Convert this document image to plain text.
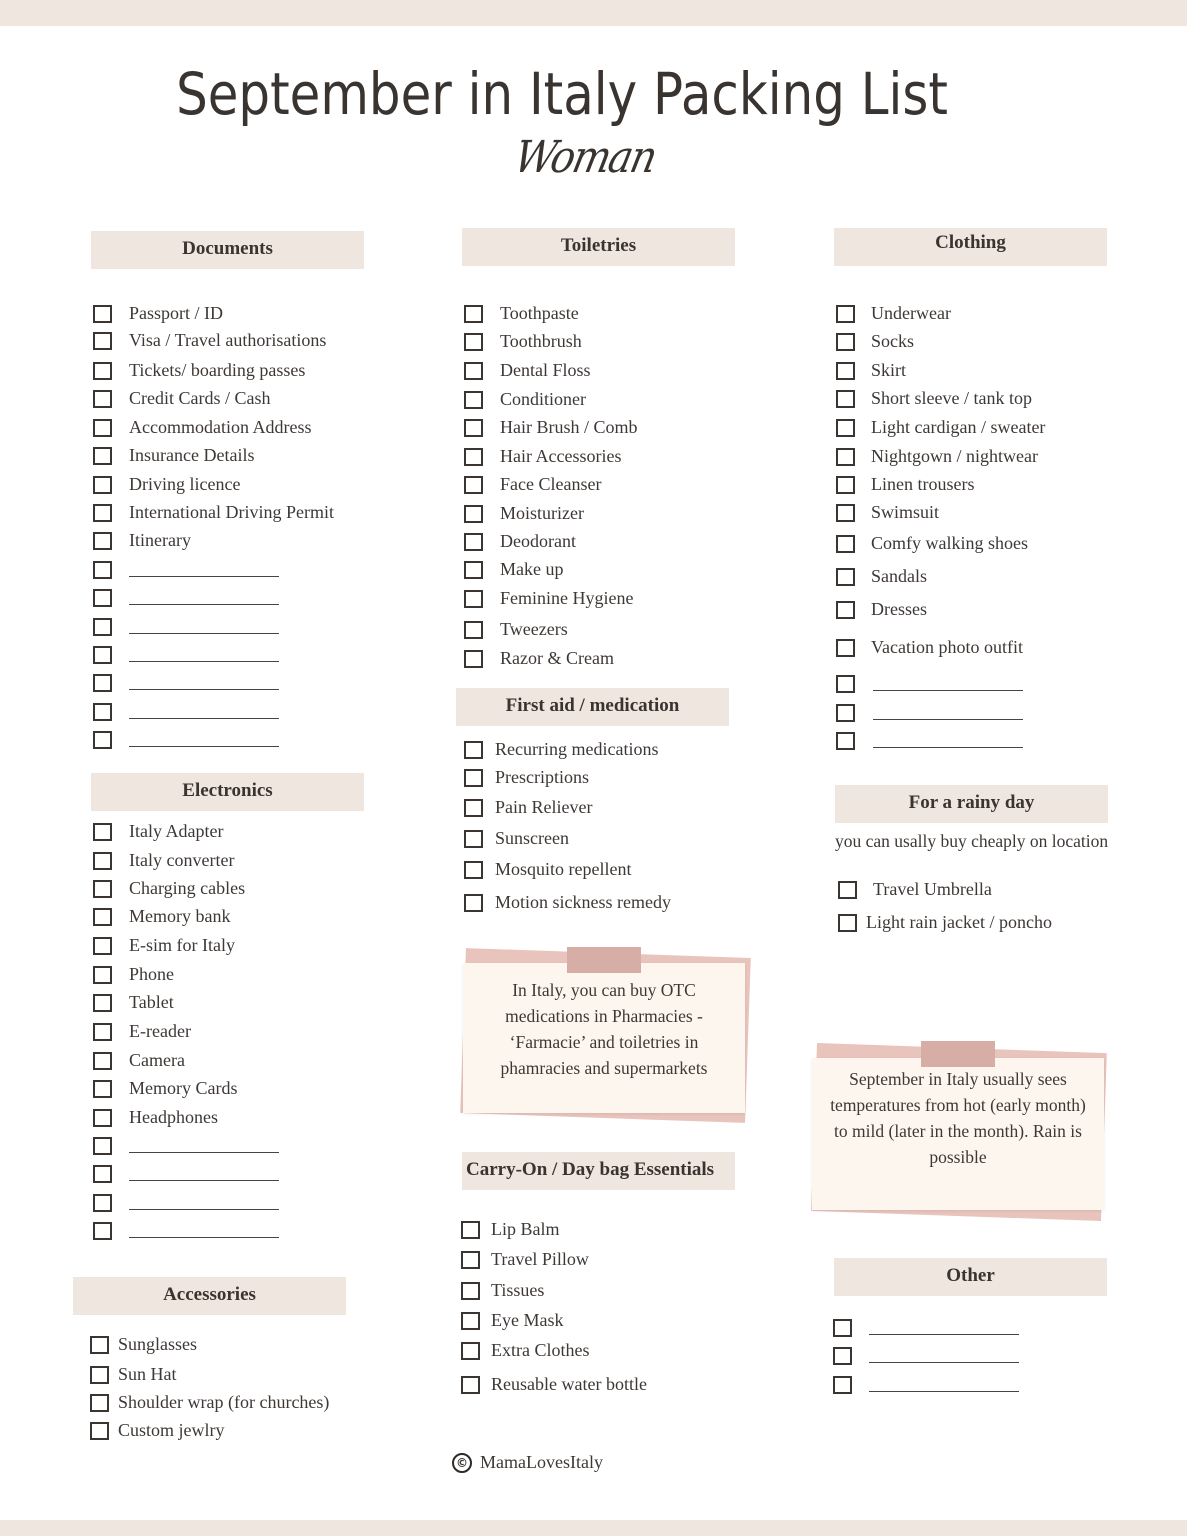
September in Italy Packing List
Woman
Documents
Electronics
Accessories
Toiletries
First aid / medication
Carry-On / Day bag Essentials
Clothing
For a rainy day
Other
Passport / ID
Visa / Travel authorisations
Tickets/ boarding passes
Credit Cards / Cash
Accommodation Address
Insurance Details
Driving licence
International Driving Permit
Itinerary
Italy Adapter
Italy converter
Charging cables
Memory bank
E-sim for Italy
Phone
Tablet
E-reader
Camera
Memory Cards
Headphones
Sunglasses
Sun Hat
Shoulder wrap (for churches)
Custom jewlry
Toothpaste
Toothbrush
Dental Floss
Conditioner
Hair Brush / Comb
Hair Accessories
Face Cleanser
Moisturizer
Deodorant
Make up
Feminine Hygiene
Tweezers
Razor & Cream
Recurring medications
Prescriptions
Pain Reliever
Sunscreen
Mosquito repellent
Motion sickness remedy
Lip Balm
Travel Pillow
Tissues
Eye Mask
Extra Clothes
Reusable water bottle
Underwear
Socks
Skirt
Short sleeve / tank top
Light cardigan / sweater
Nightgown / nightwear
Linen trousers
Swimsuit
Comfy walking shoes
Sandals
Dresses
Vacation photo outfit
Travel Umbrella
Light rain jacket / poncho
you can usally buy cheaply on location
In Italy, you can buy OTC
medications in Pharmacies -
‘Farmacie’ and toiletries in
phamracies and supermarkets
September in Italy usually sees
temperatures from hot (early month)
to mild (later in the month). Rain is
possible
© MamaLovesItaly
